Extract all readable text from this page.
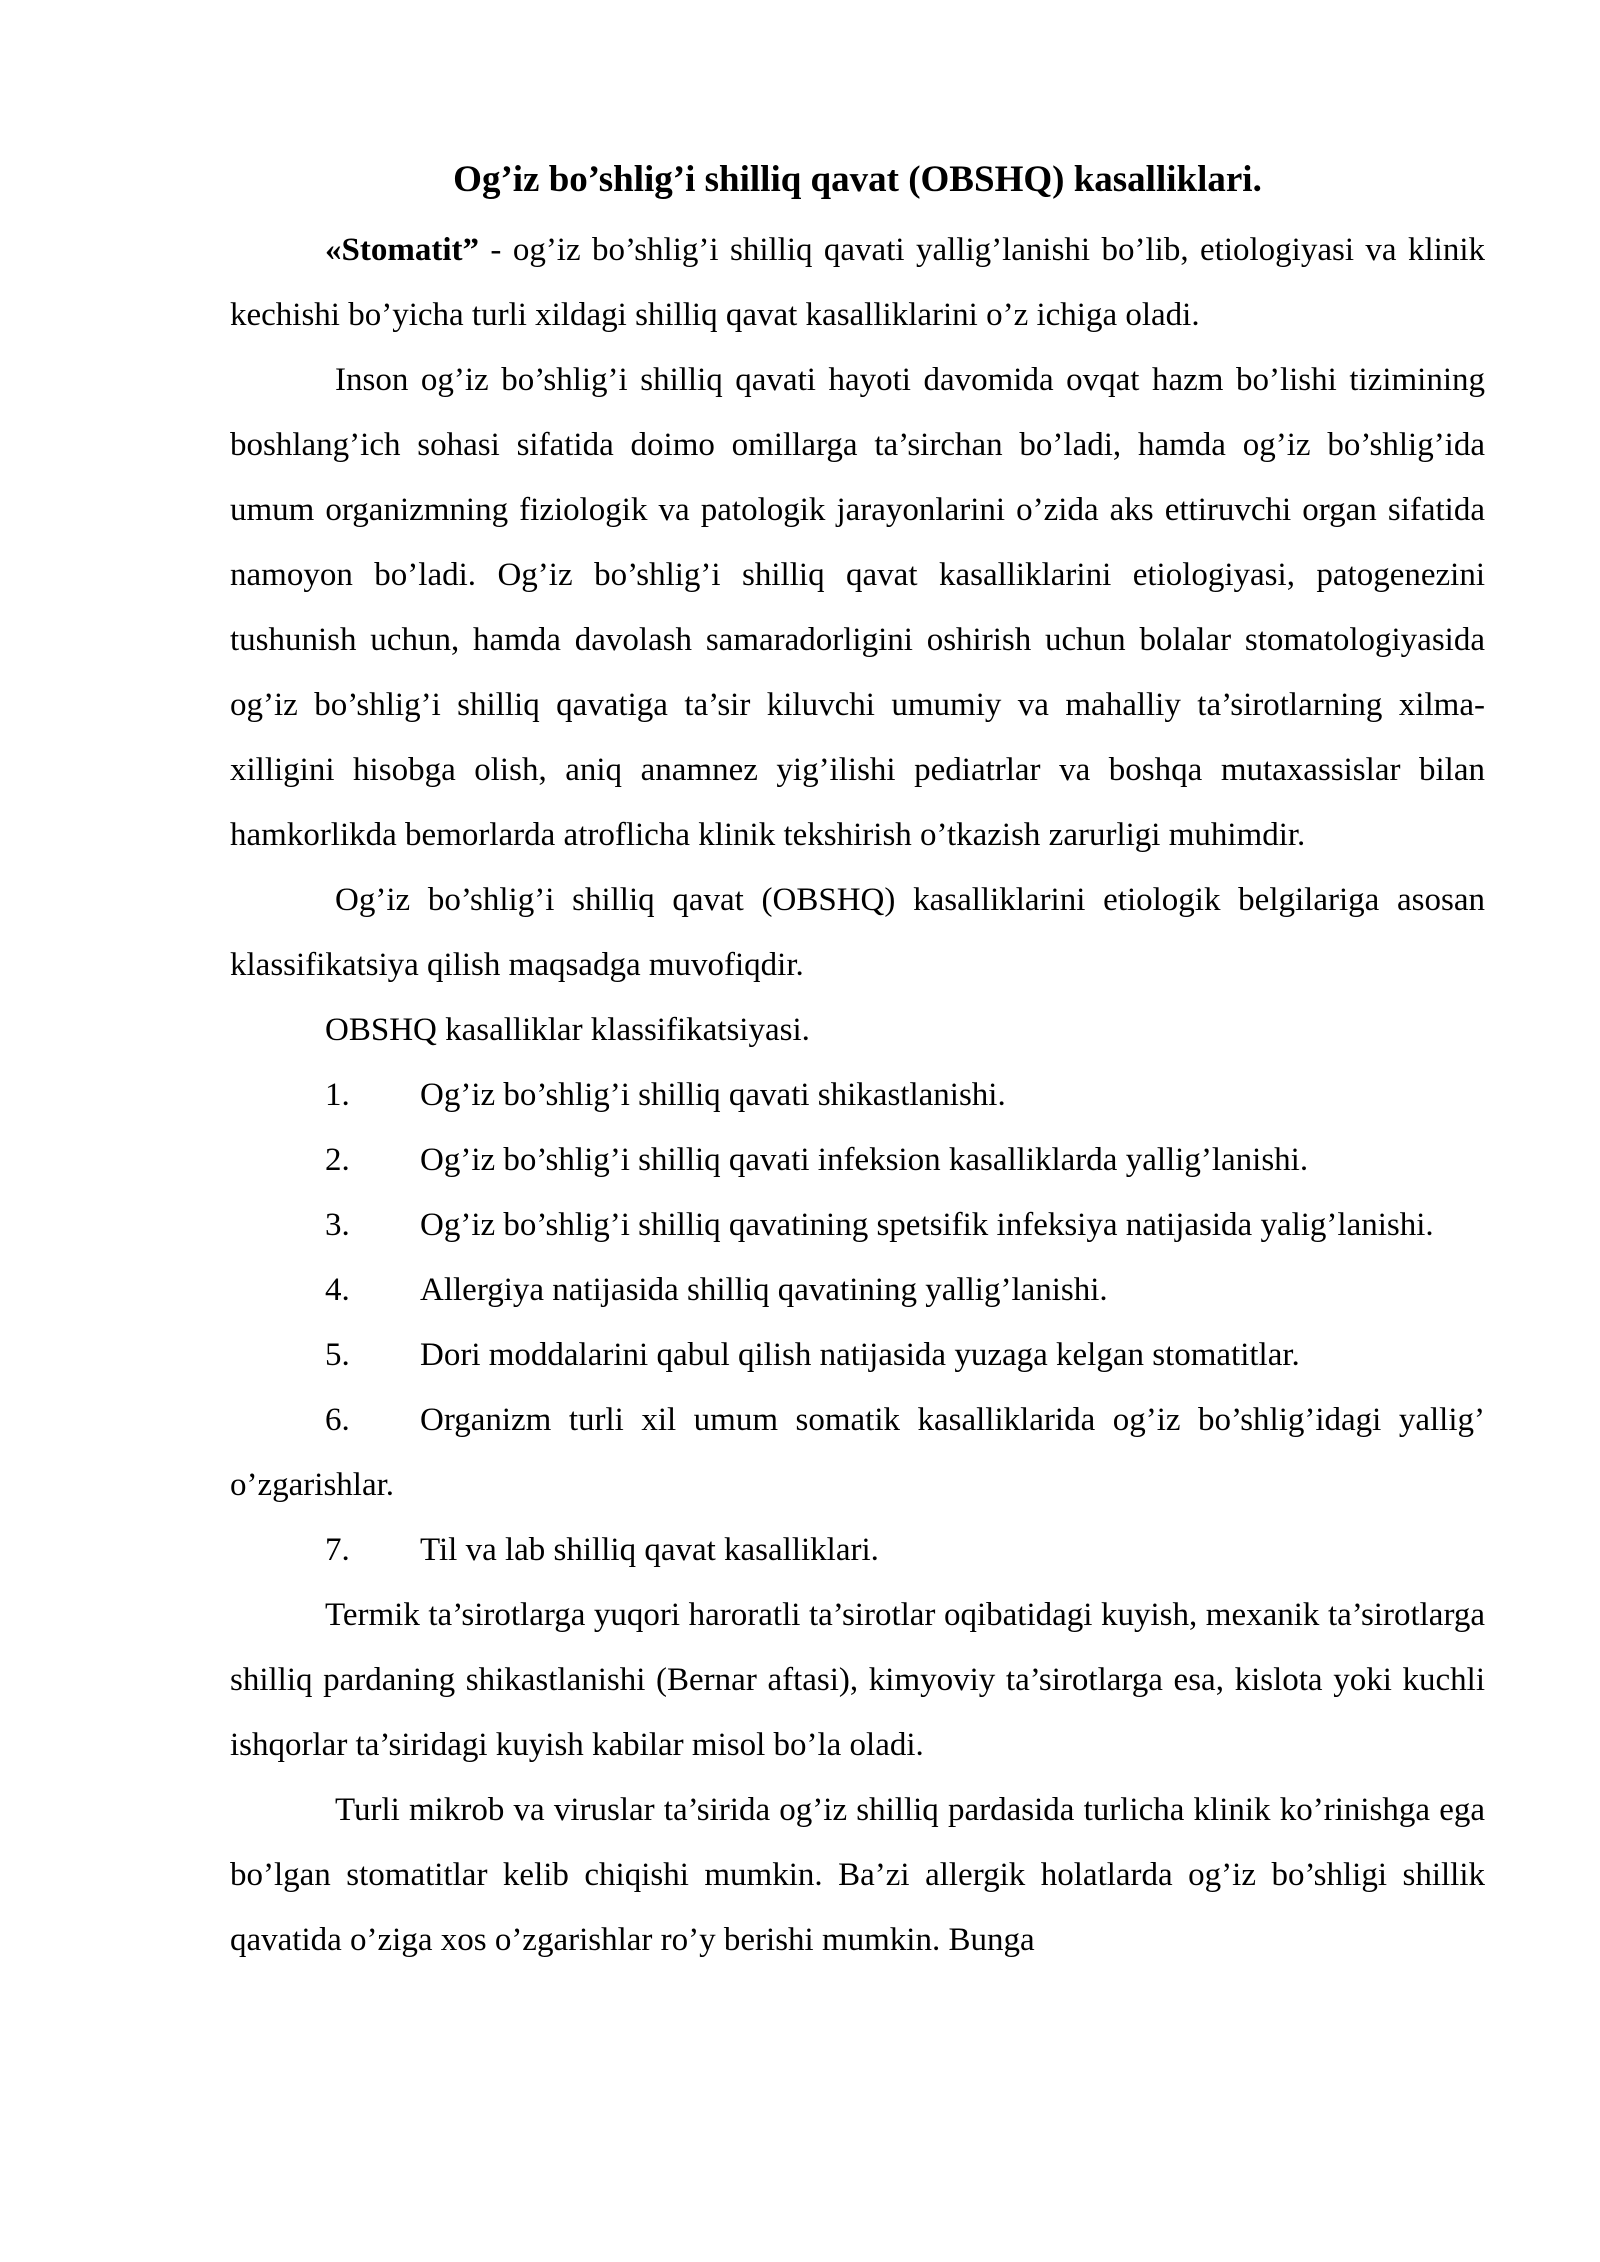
Og’iz bo’shlig’i shilliq qavat (OBSHQ) kasalliklari.

«Stomatit” - og’iz bo’shlig’i shilliq qavati yallig’lanishi bo’lib, etiologiyasi va klinik kechishi bo’yicha turli xildagi shilliq qavat kasalliklarini o’z ichiga oladi.

Inson og’iz bo’shlig’i shilliq qavati hayoti davomida ovqat hazm bo’lishi tizimining boshlang’ich sohasi sifatida doimo omillarga ta’sirchan bo’ladi, hamda og’iz bo’shlig’ida umum organizmning fiziologik va patologik jarayonlarini o’zida aks ettiruvchi organ sifatida namoyon bo’ladi. Og’iz bo’shlig’i shilliq qavat kasalliklarini etiologiyasi, patogenezini tushunish uchun, hamda davolash samaradorligini oshirish uchun bolalar stomatologiyasida og’iz bo’shlig’i shilliq qavatiga ta’sir kiluvchi umumiy va mahalliy ta’sirotlarning xilma-xilligini hisobga olish, aniq anamnez yig’ilishi pediatrlar va boshqa mutaxassislar bilan hamkorlikda bemorlarda atroflicha klinik tekshirish o’tkazish zarurligi muhimdir.

Og’iz bo’shlig’i shilliq qavat (OBSHQ) kasalliklarini etiologik belgilariga asosan klassifikatsiya qilish maqsadga muvofiqdir.

OBSHQ kasalliklar klassifikatsiyasi.

1. Og’iz bo’shlig’i shilliq qavati shikastlanishi.

2. Og’iz bo’shlig’i shilliq qavati infeksion kasalliklarda yallig’lanishi.

3. Og’iz bo’shlig’i shilliq qavatining spetsifik infeksiya natijasida yalig’lanishi.

4. Allergiya natijasida shilliq qavatining yallig’lanishi.

5. Dori moddalarini qabul qilish natijasida yuzaga kelgan stomatitlar.

6. Organizm turli xil umum somatik kasalliklarida og’iz bo’shlig’idagi yallig’ o’zgarishlar.

7. Til va lab shilliq qavat kasalliklari.

Termik ta’sirotlarga yuqori haroratli ta’sirotlar oqibatidagi kuyish, mexanik ta’sirotlarga shilliq pardaning shikastlanishi (Bernar aftasi), kimyoviy ta’sirotlarga esa, kislota yoki kuchli ishqorlar ta’siridagi kuyish kabilar misol bo’la oladi.

Turli mikrob va viruslar ta’sirida og’iz shilliq pardasida turlicha klinik ko’rinishga ega bo’lgan stomatitlar kelib chiqishi mumkin. Ba’zi allergik holatlarda og’iz bo’shligi shillik qavatida o’ziga xos o’zgarishlar ro’y berishi mumkin. Bunga
